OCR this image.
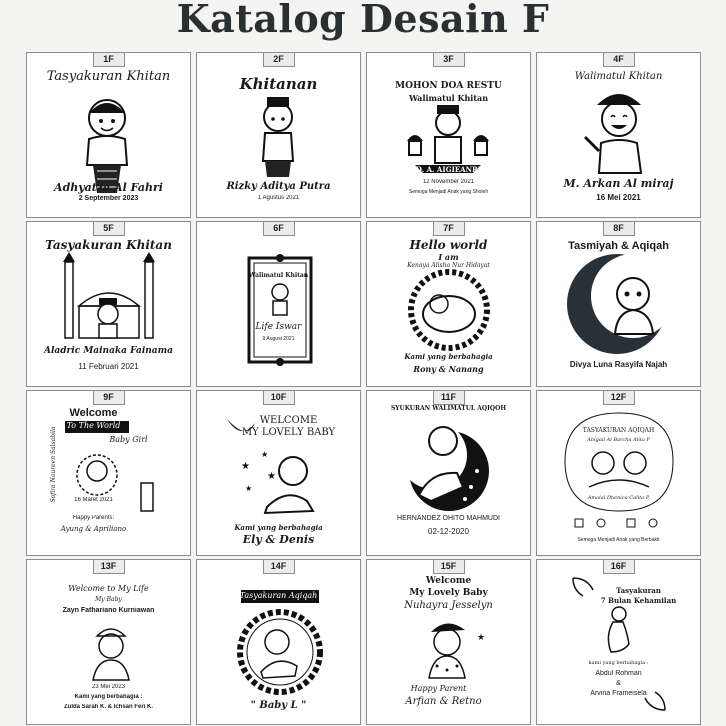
Katalog Desain F
1F
Tasyakuran Khitan
Adhyatza Al Fahri
2 September 2023
2F
Khitanan
Rizky Aditya Putra
1 Agustus 2021
3F
MOHON DOA RESTU
Walimatul Khitan
D. A. AIGIEANRI
12 November 2021
Semoga Menjadi Anak yang Sholeh
4F
Walimatul Khitan
M. Arkan Al miraj
16 Mei 2021
5F
Tasyakuran Khitan
Aladric Mainaka Fainama
11 Februari 2021
6F
Walimatul Khitan
Life Iswar
9 August 2021
7F
Hello world
I am
Kenaya Alisha Nur Hidayat
Kami yang berbahagia
Rony & Nanang
8F
Tasmiyah & Aqiqah
Divya Luna Rasyifa Najah
9F
Welcome
To The World
Baby Girl
Safira Naureen Salsabila	16 Maret 2021
Happy Parents:
Ayung & Apriliano
10F
WELCOME
MY LOVELY BABY
★
★
★
★
Kami yang berbahagia
Ely & Denis
11F
SYUKURAN WALIMATUL AQIQOH
HERNANDEZ OHITO MAHMUDI
02-12-2020
12F
TASYAKURAN AQIQAH
Abigail Al Barcha Alita P
Amalal Dhenica Calita P
Semoga Menjadi Anak yang Berbakti
13F
Welcome to My Life
My Baby
Zayn Fathariano Kurniawan
23 Mei 2023
Kami yang berbahagia :
Zulda Sarah K. & Ichsan Feri K.
14F
Tasyakuran Aqiqah
" Baby L "
15F
Welcome
My Lovely Baby
Nuhayra Jesselyn
★
Happy Parent
Arfian & Retno
16F
Tasyakuran
7 Bulan Kehamilan
kami yang berbahagia :
Abdul Rohman
&
Arvina Frameisela
